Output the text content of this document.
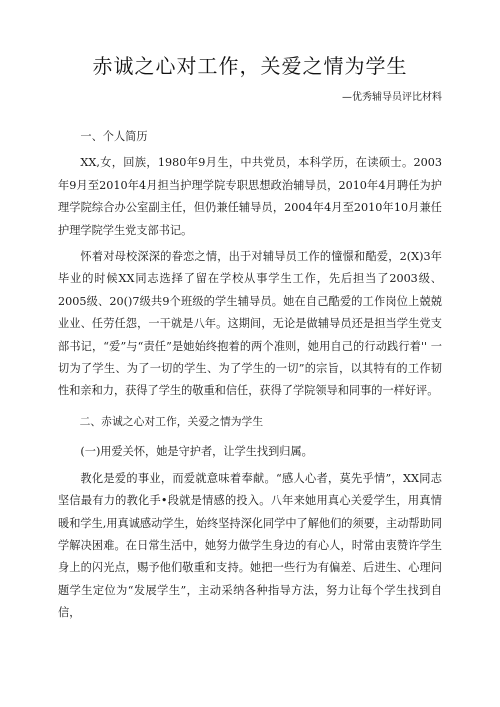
赤诚之心对工作，关爱之情为学生
—优秀辅导员评比材料

一、个人简历

XX,女，回族，1980年9月生，中共党员，本科学历，在读硕士。2003年9月至2010年4月担当护理学院专职思想政治辅导员，2010年4月聘任为护理学院综合办公室副主任，但仍兼任辅导员，2004年4月至2010年10月兼任护理学院学生党支部书记。

怀着对母校深深的眷恋之情，出于对辅导员工作的憧憬和酷爱，2(X)3年毕业的时候XX同志选择了留在学校从事学生工作，先后担当了2003级、2005级、20()7级共9个班级的学生辅导员。她在自己酷爱的工作岗位上兢兢业业、任劳任怨，一干就是八年。这期间，无论是做辅导员还是担当学生党支部书记，“爱”与“责任”是她始终抱着的两个准则，她用自己的行动践行着'' 一切为了学生、为了一切的学生、为了学生的一切”的宗旨，以其特有的工作韧性和亲和力，获得了学生的敬重和信任，获得了学院领导和同事的一样好评。

二、赤诚之心对工作，关爱之情为学生

(一)用爱关怀，她是守护者，让学生找到归属。

教化是爱的事业，而爱就意味着奉献。“感人心者，莫先乎情”，XX同志坚信最有力的教化手•段就是情感的投入。八年来她用真心关爱学生，用真情暖和学生,用真诚感动学生，始终坚持深化同学中了解他们的须要，主动帮助同学解决困难。在日常生活中，她努力做学生身边的有心人，时常由衷赞许学生身上的闪光点，赐予他们敬重和支持。她把一些行为有偏差、后进生、心理问题学生定位为“发展学生”，主动采纳各种指导方法，努力让每个学生找到自信，
